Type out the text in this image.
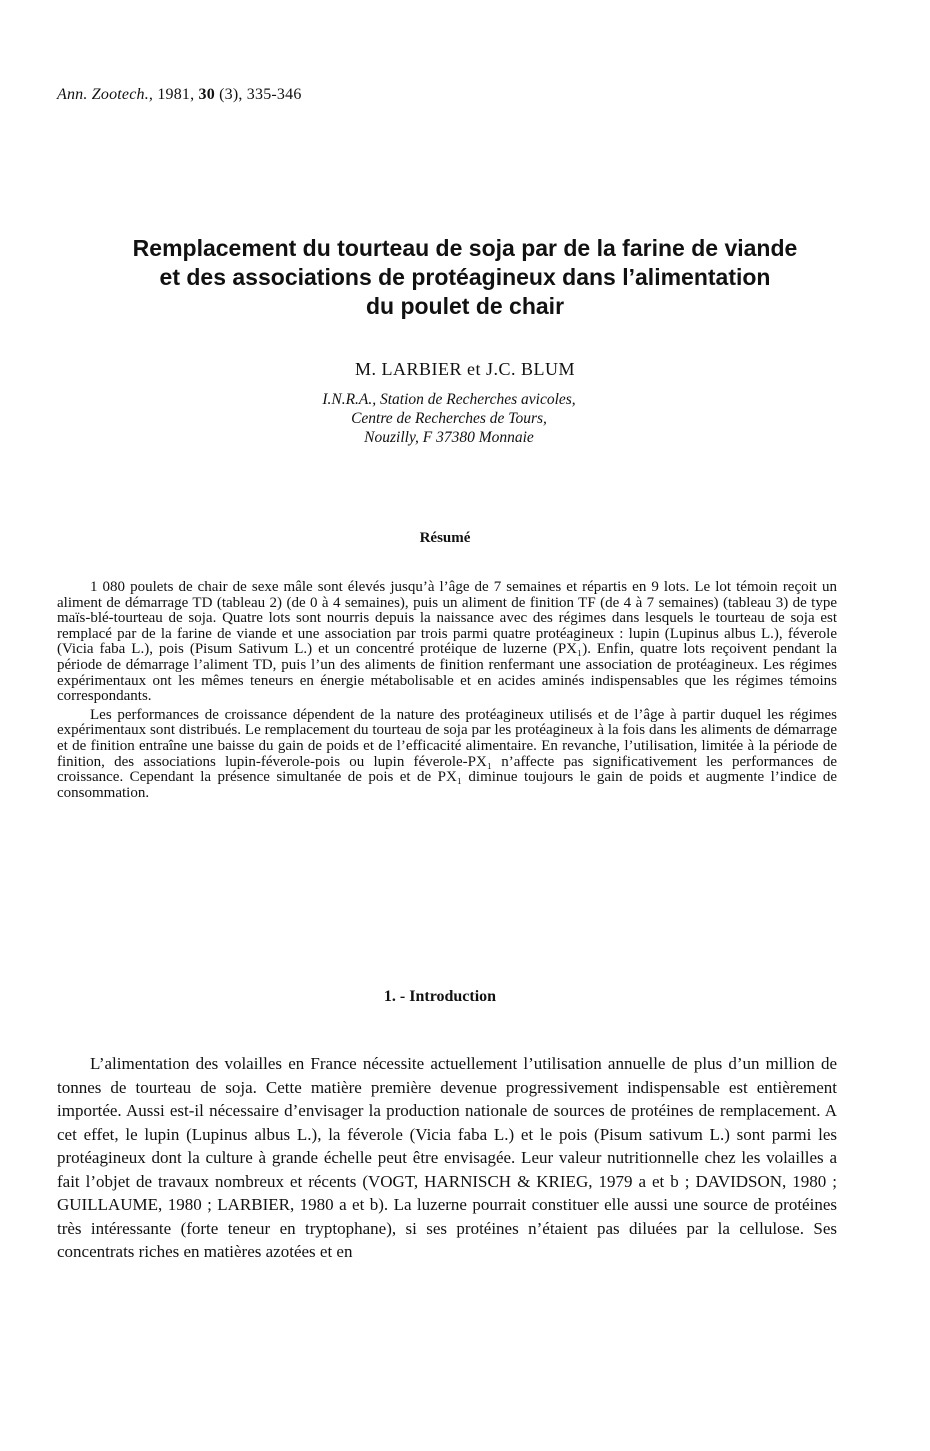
Ann. Zootech., 1981, 30 (3), 335-346
Remplacement du tourteau de soja par de la farine de viande
et des associations de protéagineux dans l’alimentation
du poulet de chair
M. LARBIER et J.C. BLUM
I.N.R.A., Station de Recherches avicoles,
Centre de Recherches de Tours,
Nouzilly, F 37380 Monnaie
Résumé

1 080 poulets de chair de sexe mâle sont élevés jusqu’à l’âge de 7 semaines et répartis en 9 lots. Le lot témoin reçoit un aliment de démarrage TD (tableau 2) (de 0 à 4 semaines), puis un aliment de finition TF (de 4 à 7 semaines) (tableau 3) de type maïs-blé-tourteau de soja. Quatre lots sont nourris depuis la naissance avec des régimes dans lesquels le tourteau de soja est remplacé par de la farine de viande et une association par trois parmi quatre protéagineux : lupin (Lupinus albus L.), féverole (Vicia faba L.), pois (Pisum Sativum L.) et un concentré protéique de luzerne (PX₁). Enfin, quatre lots reçoivent pendant la période de démarrage l’aliment TD, puis l’un des aliments de finition renfermant une association de protéagineux. Les régimes expérimentaux ont les mêmes teneurs en énergie métabolisable et en acides aminés indispensables que les régimes témoins correspondants.

Les performances de croissance dépendent de la nature des protéagineux utilisés et de l’âge à partir duquel les régimes expérimentaux sont distribués. Le remplacement du tourteau de soja par les protéagineux à la fois dans les aliments de démarrage et de finition entraîne une baisse du gain de poids et de l’efficacité alimentaire. En revanche, l’utilisation, limitée à la période de finition, des associations lupin-féverole-pois ou lupin féverole-PX₁ n’affecte pas significativement les performances de croissance. Cependant la présence simultanée de pois et de PX₁ diminue toujours le gain de poids et augmente l’indice de consommation.

1. - Introduction

L’alimentation des volailles en France nécessite actuellement l’utilisation annuelle de plus d’un million de tonnes de tourteau de soja. Cette matière première devenue progressivement indispensable est entièrement importée. Aussi est-il nécessaire d’envisager la production nationale de sources de protéines de remplacement. A cet effet, le lupin (Lupinus albus L.), la féverole (Vicia faba L.) et le pois (Pisum sativum L.) sont parmi les protéagineux dont la culture à grande échelle peut être envisagée. Leur valeur nutritionnelle chez les volailles a fait l’objet de travaux nombreux et récents (VOGT, HARNISCH & KRIEG, 1979 a et b ; DAVIDSON, 1980 ; GUILLAUME, 1980 ; LARBIER, 1980 a et b). La luzerne pourrait constituer elle aussi une source de protéines très intéressante (forte teneur en tryptophane), si ses protéines n’étaient pas diluées par la cellulose. Ses concentrats riches en matières azotées et en
